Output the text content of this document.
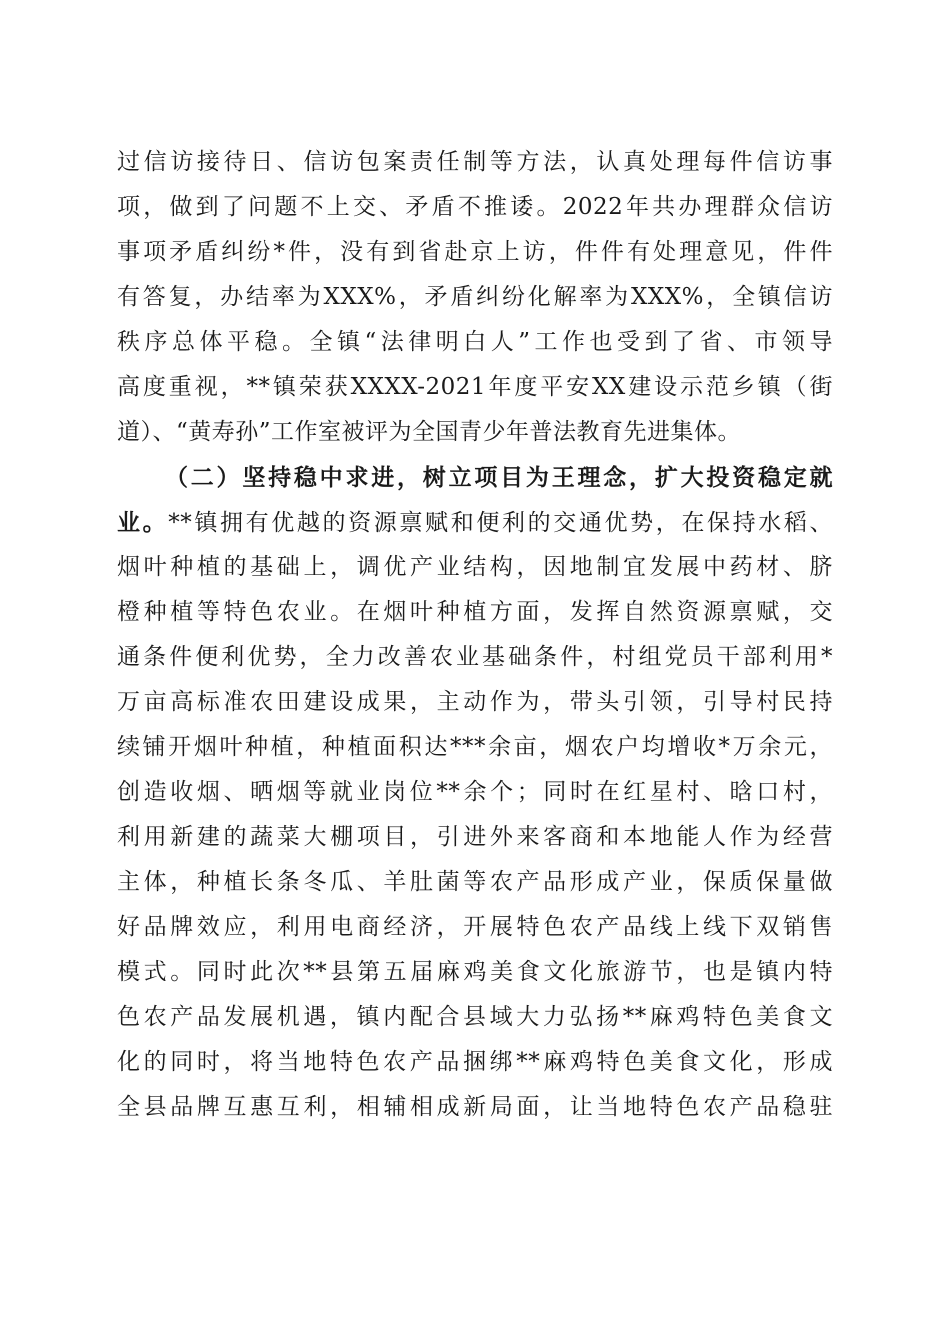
过信访接待日、信访包案责任制等方法，认真处理每件信访事
项，做到了问题不上交、矛盾不推诿。2022年共办理群众信访
事项矛盾纠纷*件，没有到省赴京上访，件件有处理意见，件件
有答复，办结率为XXX%，矛盾纠纷化解率为XXX%，全镇信访
秩序总体平稳。全镇“法律明白人”工作也受到了省、市领导
高度重视，**镇荣获XXXX-2021年度平安XX建设示范乡镇（街
道）、“黄寿孙”工作室被评为全国青少年普法教育先进集体。
（二）坚持稳中求进，树立项目为王理念，扩大投资稳定就
业。**镇拥有优越的资源禀赋和便利的交通优势，在保持水稻、
烟叶种植的基础上，调优产业结构，因地制宜发展中药材、脐
橙种植等特色农业。在烟叶种植方面，发挥自然资源禀赋，交
通条件便利优势，全力改善农业基础条件，村组党员干部利用*
万亩高标准农田建设成果，主动作为，带头引领，引导村民持
续铺开烟叶种植，种植面积达***余亩，烟农户均增收*万余元，
创造收烟、晒烟等就业岗位**余个；同时在红星村、晗口村，
利用新建的蔬菜大棚项目，引进外来客商和本地能人作为经营
主体，种植长条冬瓜、羊肚菌等农产品形成产业，保质保量做
好品牌效应，利用电商经济，开展特色农产品线上线下双销售
模式。同时此次**县第五届麻鸡美食文化旅游节，也是镇内特
色农产品发展机遇，镇内配合县域大力弘扬**麻鸡特色美食文
化的同时，将当地特色农产品捆绑**麻鸡特色美食文化，形成
全县品牌互惠互利，相辅相成新局面，让当地特色农产品稳驻
